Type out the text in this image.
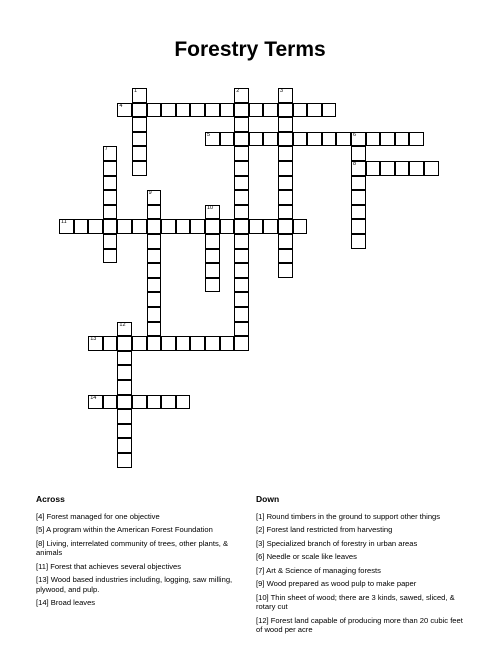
Forestry Terms
1	2	3
4
5	6
8
7
9
10
11
12
13
14
Across	Down
[4] Forest managed for one objective
[5] A program within the American Forest Foundation
[8] Living, interrelated community of trees, other plants, & animals
[11] Forest that achieves several objectives
[13] Wood based industries including, logging, saw milling, plywood, and pulp.
[14] Broad leaves
[1] Round timbers in the ground to support other things
[2] Forest land restricted from harvesting
[3] Specialized branch of forestry in urban areas
[6] Needle or scale like leaves
[7] Art & Science of managing forests
[9] Wood prepared as wood pulp to make paper
[10] Thin sheet of wood; there are 3 kinds, sawed, sliced, & rotary cut
[12] Forest land capable of producing more than 20 cubic feet of wood per acre
